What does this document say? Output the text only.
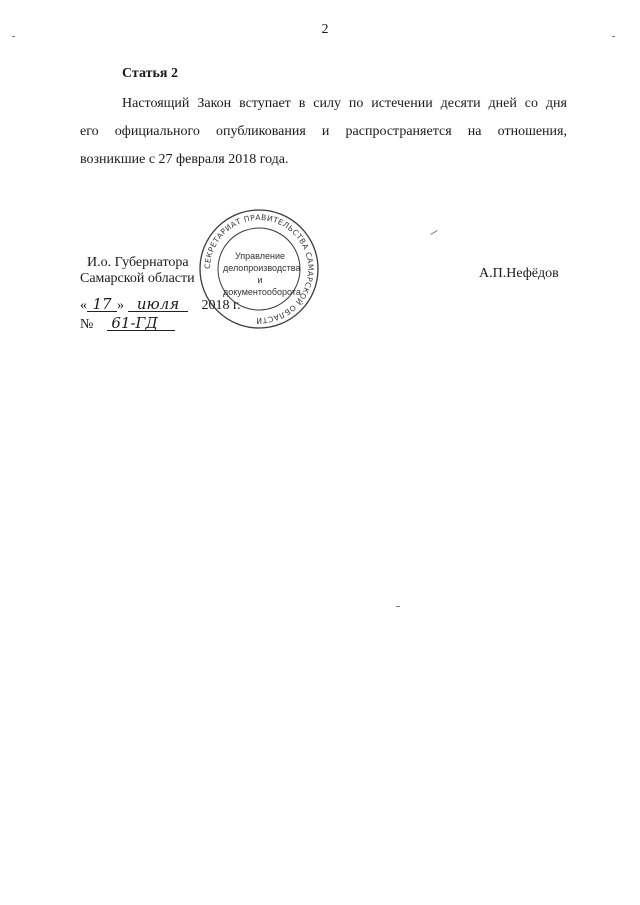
2
Статья 2
Настоящий Закон вступает в силу по истечении десяти дней со дня
его официального опубликования и распространяется на отношения,
возникшие с 27 февраля 2018 года.
СЕКРЕТАРИАТ ПРАВИТЕЛЬСТВА САМАРСКОЙ ОБЛАСТИ
Управление
делопроизводства
и документооборота
И.о. Губернатора
Самарской области	А.П.Нефёдов
« 17 » июля 2018 г.
№ 61-ГД
